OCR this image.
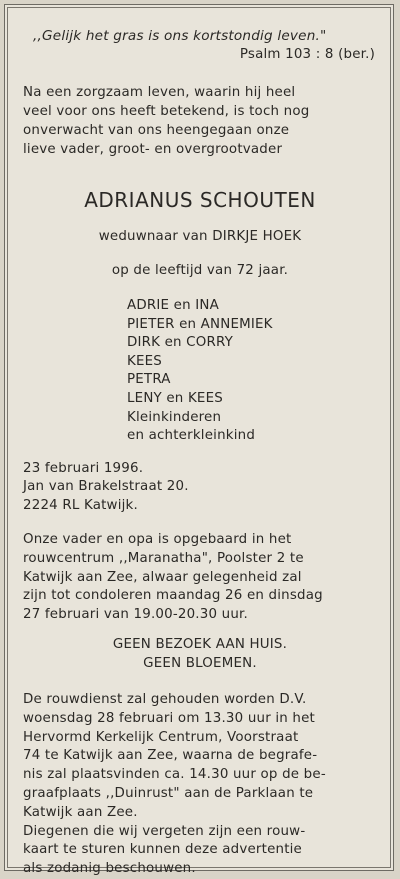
,,Gelijk het gras is ons kortstondig leven."
Psalm 103 : 8 (ber.)
Na een zorgzaam leven, waarin hij heel
veel voor ons heeft betekend, is toch nog
onverwacht van ons heengegaan onze
lieve vader, groot- en overgrootvader
ADRIANUS SCHOUTEN
weduwnaar van DIRKJE HOEK
op de leeftijd van 72 jaar.
ADRIE en INA
PIETER en ANNEMIEK
DIRK en CORRY
KEES
PETRA
LENY en KEES
Kleinkinderen
en achterkleinkind
23 februari 1996.
Jan van Brakelstraat 20.
2224 RL Katwijk.
Onze vader en opa is opgebaard in het
rouwcentrum ,,Maranatha", Poolster 2 te
Katwijk aan Zee, alwaar gelegenheid zal
zijn tot condoleren maandag 26 en dinsdag
27 februari van 19.00-20.30 uur.
GEEN BEZOEK AAN HUIS.
GEEN BLOEMEN.
De rouwdienst zal gehouden worden D.V.
woensdag 28 februari om 13.30 uur in het
Hervormd Kerkelijk Centrum, Voorstraat
74 te Katwijk aan Zee, waarna de begrafe-
nis zal plaatsvinden ca. 14.30 uur op de be-
graafplaats ,,Duinrust" aan de Parklaan te
Katwijk aan Zee.
Diegenen die wij vergeten zijn een rouw-
kaart te sturen kunnen deze advertentie
als zodanig beschouwen.
